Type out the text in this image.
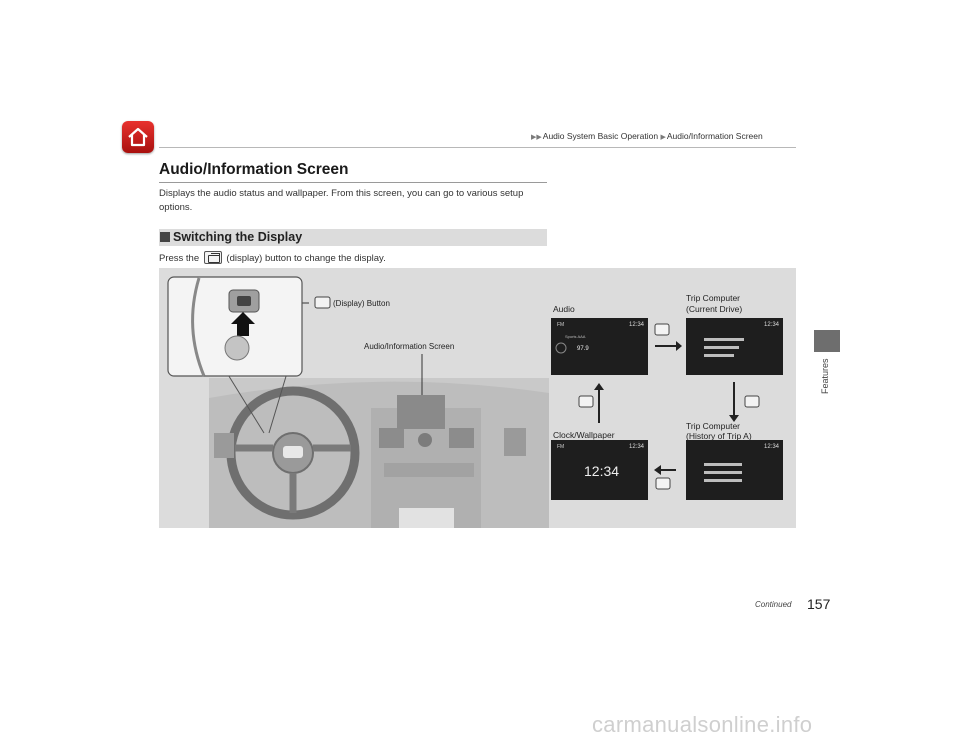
▶▶Audio System Basic Operation ▶Audio/Information Screen
Audio/Information Screen
Displays the audio status and wallpaper. From this screen, you can go to various setup options.
Switching the Display
Press the	(display) button to change the display.
FM	12:34
Sports AAA
97.9
12:34
12:34
FM	12:34
12:34
(Display) Button
Audio/Information Screen
Audio
Trip Computer
(Current Drive)
Trip Computer
(History of Trip A)
Clock/Wallpaper
Features
Continued 157
carmanualsonline.info
